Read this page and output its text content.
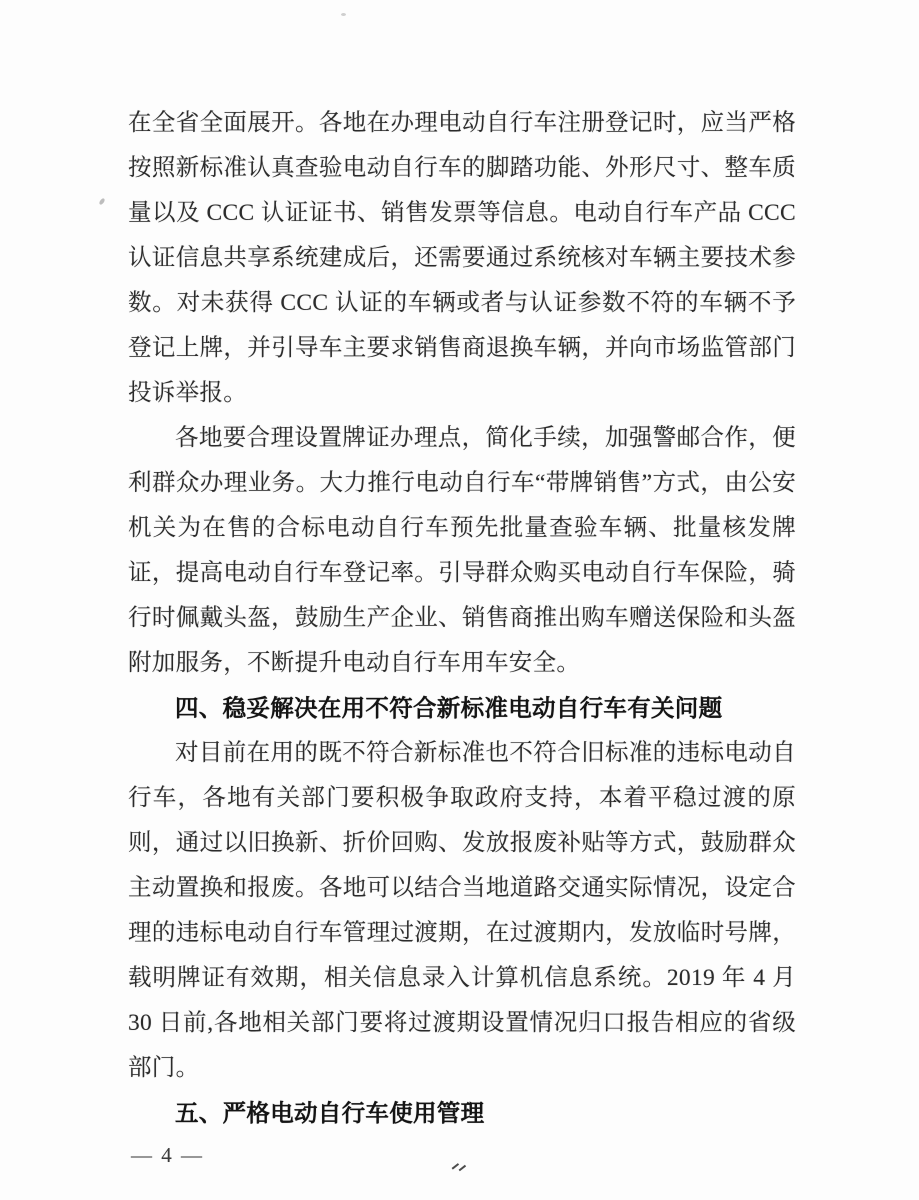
在全省全面展开。各地在办理电动自行车注册登记时，应当严格按照新标准认真查验电动自行车的脚踏功能、外形尺寸、整车质量以及 CCC 认证证书、销售发票等信息。电动自行车产品 CCC 认证信息共享系统建成后，还需要通过系统核对车辆主要技术参数。对未获得 CCC 认证的车辆或者与认证参数不符的车辆不予登记上牌，并引导车主要求销售商退换车辆，并向市场监管部门投诉举报。

各地要合理设置牌证办理点，简化手续，加强警邮合作，便利群众办理业务。大力推行电动自行车“带牌销售”方式，由公安机关为在售的合标电动自行车预先批量查验车辆、批量核发牌证，提高电动自行车登记率。引导群众购买电动自行车保险，骑行时佩戴头盔，鼓励生产企业、销售商推出购车赠送保险和头盔附加服务，不断提升电动自行车用车安全。

四、稳妥解决在用不符合新标准电动自行车有关问题

对目前在用的既不符合新标准也不符合旧标准的违标电动自行车，各地有关部门要积极争取政府支持，本着平稳过渡的原则，通过以旧换新、折价回购、发放报废补贴等方式，鼓励群众主动置换和报废。各地可以结合当地道路交通实际情况，设定合理的违标电动自行车管理过渡期，在过渡期内，发放临时号牌，载明牌证有效期，相关信息录入计算机信息系统。2019 年 4 月 30 日前,各地相关部门要将过渡期设置情况归口报告相应的省级部门。

五、严格电动自行车使用管理
— 4 —
